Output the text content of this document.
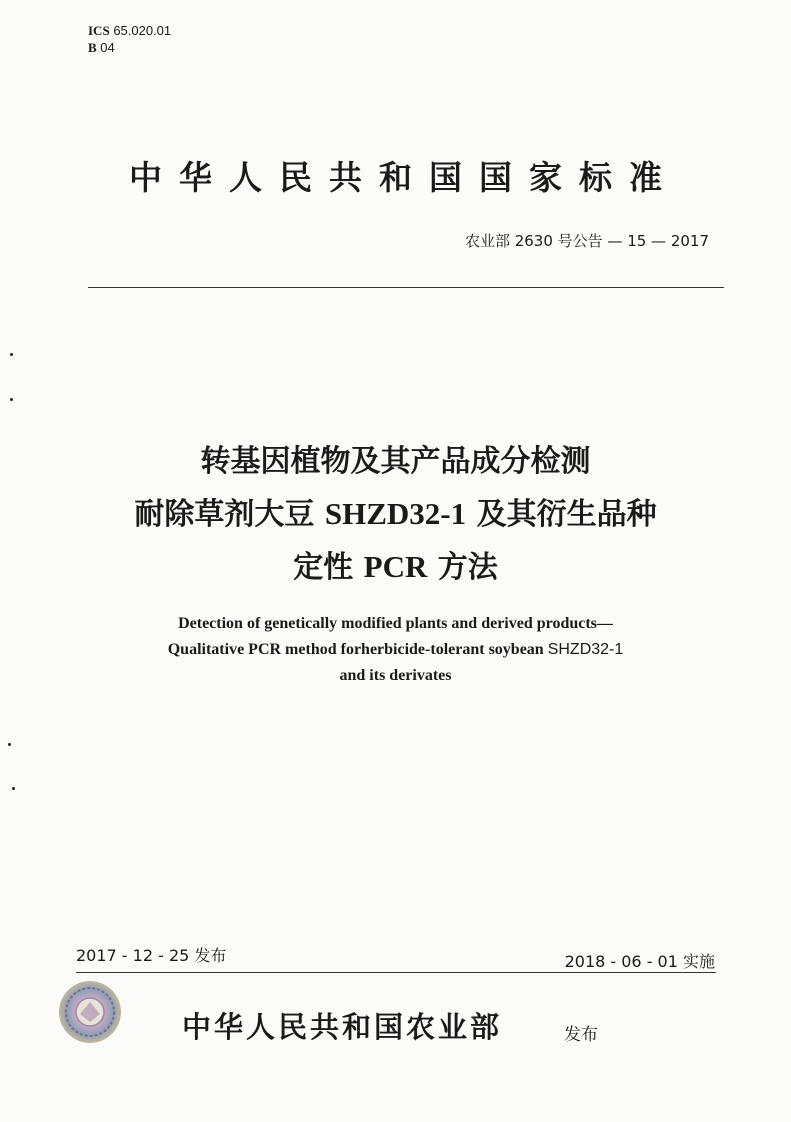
ICS 65.020.01
B 04
中华人民共和国国家标准
农业部 2630 号公告 — 15 — 2017
转基因植物及其产品成分检测
耐除草剂大豆 SHZD32-1 及其衍生品种
定性 PCR 方法
Detection of genetically modified plants and derived products—
Qualitative PCR method forherbicide-tolerant soybean SHZD32-1
and its derivates
2017 - 12 - 25 发布	2018 - 06 - 01 实施
中华人民共和国农业部	发布
